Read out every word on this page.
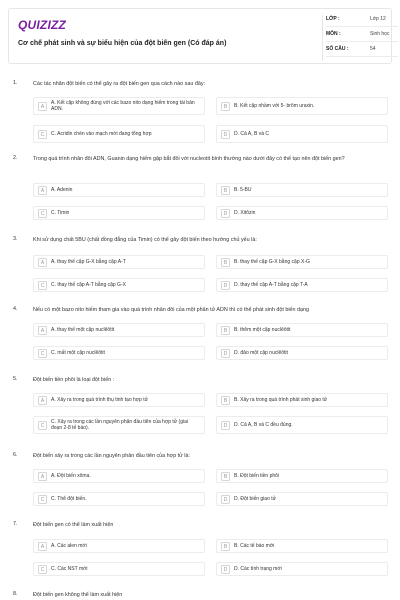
QUIZIZZ
Cơ chế phát sinh và sự biểu hiện của đột biến gen (Có đáp án)
LỚP :	Lớp 12
MÔN :	Sinh học
SỐ CÂU :	54
1.	Các tác nhân đột biến có thể gây ra đột biến gen qua cách nào sau đây:
A
A. Kết cặp không đúng với các bazo nito dạng hiếm trong tái bản ADN.	B	B. Kết cặp nhầm với 5- brôm uraxin.
C	C. Acridin chèn vào mạch mới đang tổng hợp	D	D. Cả A, B và C
2.	Trong quá trình nhân đôi ADN, Guanin dạng hiếm gặp bắt đôi với nucleotit bình thường nào dưới đây có thể tạo nên đột biến gen?
A	A. Adenin	B	B. 5-BU
C	C. Timin	D	D. Xitôzin
3.	Khi sử dụng chất 5BU (chất đồng đẳng của Timin) có thể gây đột biến theo hướng chủ yếu là:
A	A. thay thế cặp G-X bằng cặp A-T	B	B. thay thế cặp G-X bằng cặp X-G
C	C. thay thế cặp A-T bằng cặp G-X	D	D. thay thế cặp A-T bằng cặp T-A
4.	Nếu có một bazo nito hiếm tham gia vào quá trình nhân đôi của một phân tử ADN thì có thể phát sinh đột biến dạng
A	A. thay thế một cặp nuclêôtit	B	B. thêm một cặp nuclêôtit
C	C. mất một cặp nuclêôtit	D	D. đảo một cặp nuclêôtit
5.	Đột biến tiền phôi là loại đột biến :
A	A. Xảy ra trong quá trình thụ tinh tạo hợp tử	B	B. Xảy ra trong quá trình phát sinh giao tử
C
C. Xảy ra trong các lần nguyên phân đầu tiên của hợp tử (giai đoạn 2-8 tế bào).	D	D. Cả A, B và C đều đúng.
6.	Đột biến xảy ra trong các lần nguyên phân đầu tiên của hợp tử là:
A	A. Đột biến xôma.	B	B. Đột biến tiền phôi
C	C. Thể đột biến.	D	D. Đột biến giao tử
7.	Đột biến gen có thể làm xuất hiện
A	A. Các alen mới	B	B. Các tế bào mới
C	C. Các NST mới	D	D. Các tính trạng mới
8.	Đột biến gen không thể làm xuất hiện
